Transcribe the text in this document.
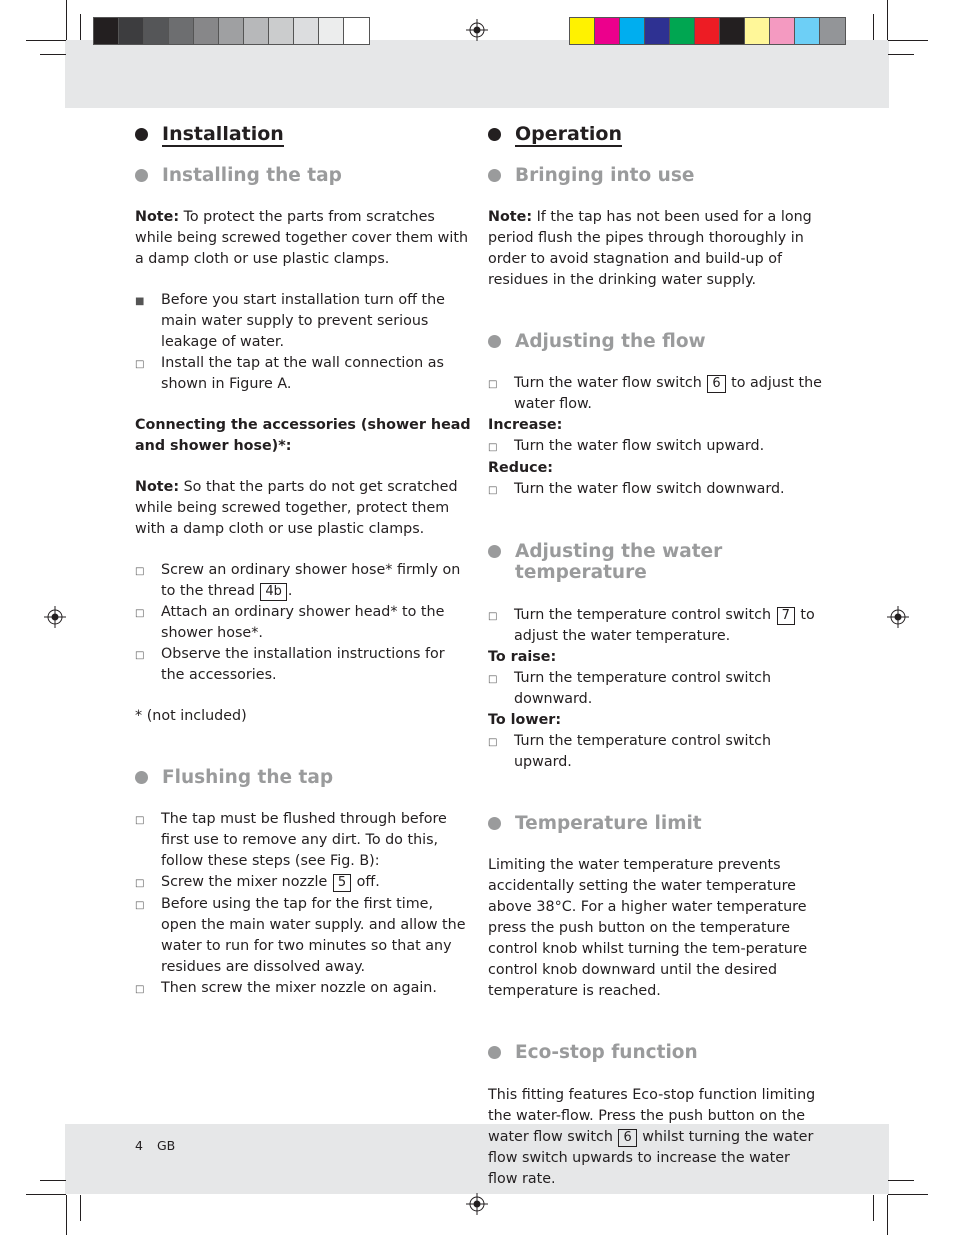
Installation
Installing the tap

Note: To protect the parts from scratches while being screwed together cover them with a damp cloth or use plastic clamps.

■	Before you start installation turn off the main water supply to prevent serious leakage of water.
□	Install the tap at the wall connection as shown in Figure A.

Connecting the accessories (shower head and shower hose)*:

Note: So that the parts do not get scratched while being screwed together, protect them with a damp cloth or use plastic clamps.

□	Screw an ordinary shower hose* firmly on to the thread 4b .
□	Attach an ordinary shower head* to the shower hose*.
□	Observe the installation instructions for the accessories.

* (not included)

Flushing the tap
□	The tap must be flushed through before first use to remove any dirt. To do this, follow these steps (see Fig. B):
□	Screw the mixer nozzle 5 off.
□	Before using the tap for the first time, open the main water supply. and allow the water to run for two minutes so that any residues are dissolved away.
□	Then screw the mixer nozzle on again.
Operation
Bringing into use

Note: If the tap has not been used for a long period flush the pipes through thoroughly in order to avoid stagnation and build-up of residues in the drinking water supply.

Adjusting the flow
□	Turn the water flow switch 6 to adjust the water flow.

Increase:

□	Turn the water flow switch upward.

Reduce:

□	Turn the water flow switch downward.
Adjusting the water
temperature
□	Turn the temperature control switch 7 to adjust the water temperature.

To raise:

□	Turn the temperature control switch downward.

To lower:

□	Turn the temperature control switch upward.
Temperature limit

Limiting the water temperature prevents accidentally setting the water temperature above 38°C. For a higher water temperature press the push button on the temperature control knob whilst turning the tem-perature control knob downward until the desired temperature is reached.

Eco-stop function

This fitting features Eco-stop function limiting the water-flow. Press the push button on the water flow switch 6 whilst turning the water flow switch upwards to increase the water flow rate.

4 GB
